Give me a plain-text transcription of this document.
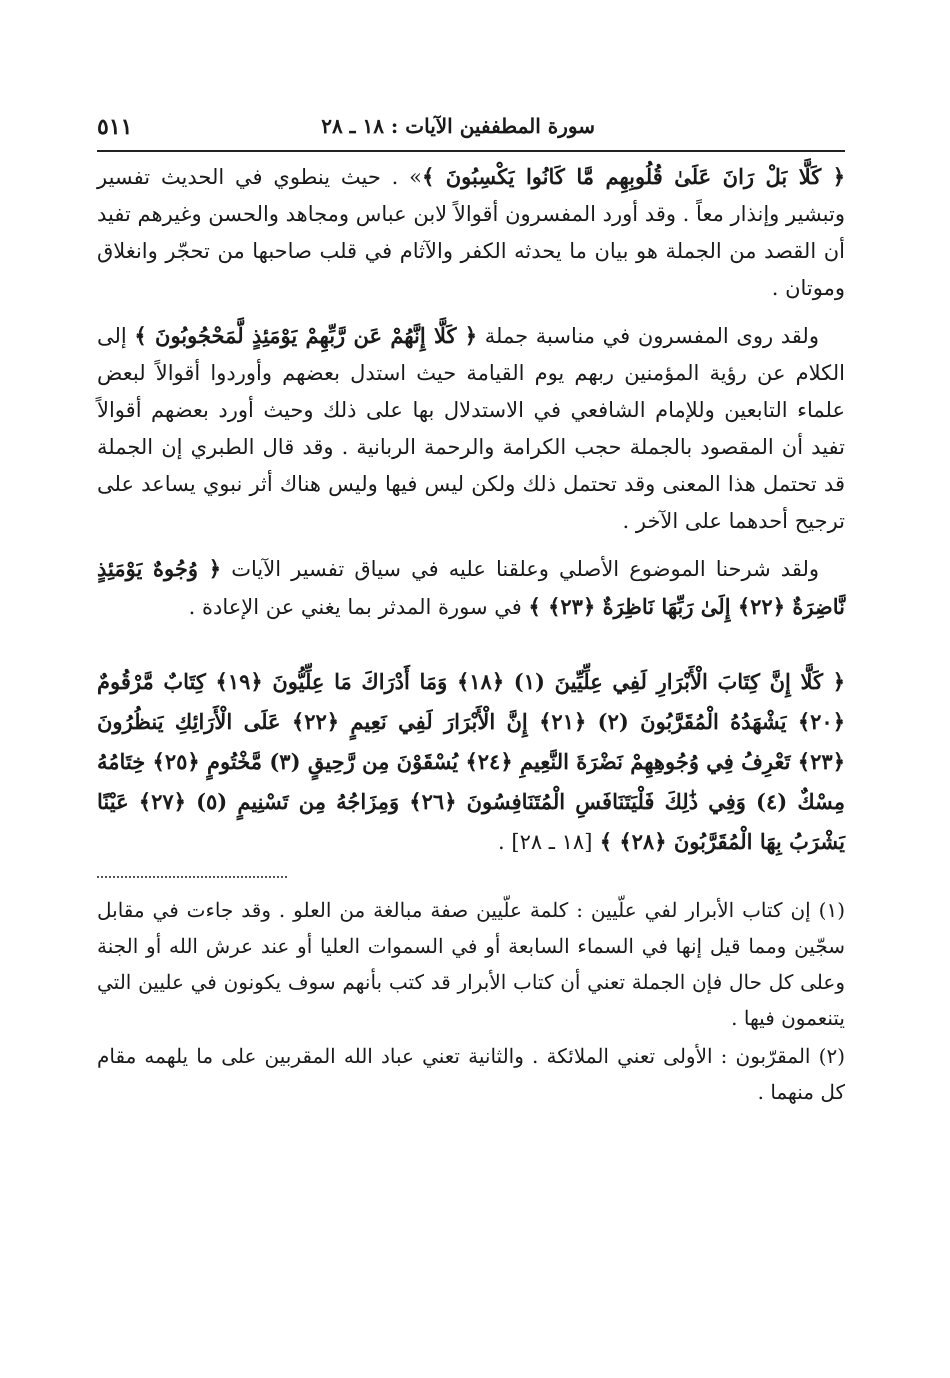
سورة المطففين الآيات : ١٨ ـ ٢٨
٥١١

﴿ كَلَّا بَلْ رَانَ عَلَىٰ قُلُوبِهِم مَّا كَانُوا يَكْسِبُونَ ﴾» . حيث ينطوي في الحديث تفسير وتبشير وإنذار معاً . وقد أورد المفسرون أقوالاً لابن عباس ومجاهد والحسن وغيرهم تفيد أن القصد من الجملة هو بيان ما يحدثه الكفر والآثام في قلب صاحبها من تحجّر وانغلاق وموتان .

ولقد روى المفسرون في مناسبة جملة ﴿ كَلَّا إِنَّهُمْ عَن رَّبِّهِمْ يَوْمَئِذٍ لَّمَحْجُوبُونَ ﴾ إلى الكلام عن رؤية المؤمنين ربهم يوم القيامة حيث استدل بعضهم وأوردوا أقوالاً لبعض علماء التابعين وللإمام الشافعي في الاستدلال بها على ذلك وحيث أورد بعضهم أقوالاً تفيد أن المقصود بالجملة حجب الكرامة والرحمة الربانية . وقد قال الطبري إن الجملة قد تحتمل هذا المعنى وقد تحتمل ذلك ولكن ليس فيها وليس هناك أثر نبوي يساعد على ترجيح أحدهما على الآخر .

ولقد شرحنا الموضوع الأصلي وعلقنا عليه في سياق تفسير الآيات ﴿ وُجُوهٌ يَوْمَئِذٍ نَّاضِرَةٌ ﴿٢٢﴾ إِلَىٰ رَبِّهَا نَاظِرَةٌ ﴿٢٣﴾ ﴾ في سورة المدثر بما يغني عن الإعادة .

﴿ كَلَّا إِنَّ كِتَابَ الْأَبْرَارِ لَفِي عِلِّيِّينَ (١) ﴿١٨﴾ وَمَا أَدْرَاكَ مَا عِلِّيُّونَ ﴿١٩﴾ كِتَابٌ مَّرْقُومٌ ﴿٢٠﴾ يَشْهَدُهُ الْمُقَرَّبُونَ (٢) ﴿٢١﴾ إِنَّ الْأَبْرَارَ لَفِي نَعِيمٍ ﴿٢٢﴾ عَلَى الْأَرَائِكِ يَنظُرُونَ ﴿٢٣﴾ تَعْرِفُ فِي وُجُوهِهِمْ نَضْرَةَ النَّعِيمِ ﴿٢٤﴾ يُسْقَوْنَ مِن رَّحِيقٍ (٣) مَّخْتُومٍ ﴿٢٥﴾ خِتَامُهُ مِسْكٌ (٤) وَفِي ذَٰلِكَ فَلْيَتَنَافَسِ الْمُتَنَافِسُونَ ﴿٢٦﴾ وَمِزَاجُهُ مِن تَسْنِيمٍ (٥) ﴿٢٧﴾ عَيْنًا يَشْرَبُ بِهَا الْمُقَرَّبُونَ ﴿٢٨﴾ ﴾ [١٨ ـ ٢٨] .

(١) إن كتاب الأبرار لفي علّيين : كلمة علّيين صفة مبالغة من العلو . وقد جاءت في مقابل سجّين ومما قيل إنها في السماء السابعة أو في السموات العليا أو عند عرش الله أو الجنة وعلى كل حال فإن الجملة تعني أن كتاب الأبرار قد كتب بأنهم سوف يكونون في عليين التي يتنعمون فيها .

(٢) المقرّبون : الأولى تعني الملائكة . والثانية تعني عباد الله المقربين على ما يلهمه مقام كل منهما .
